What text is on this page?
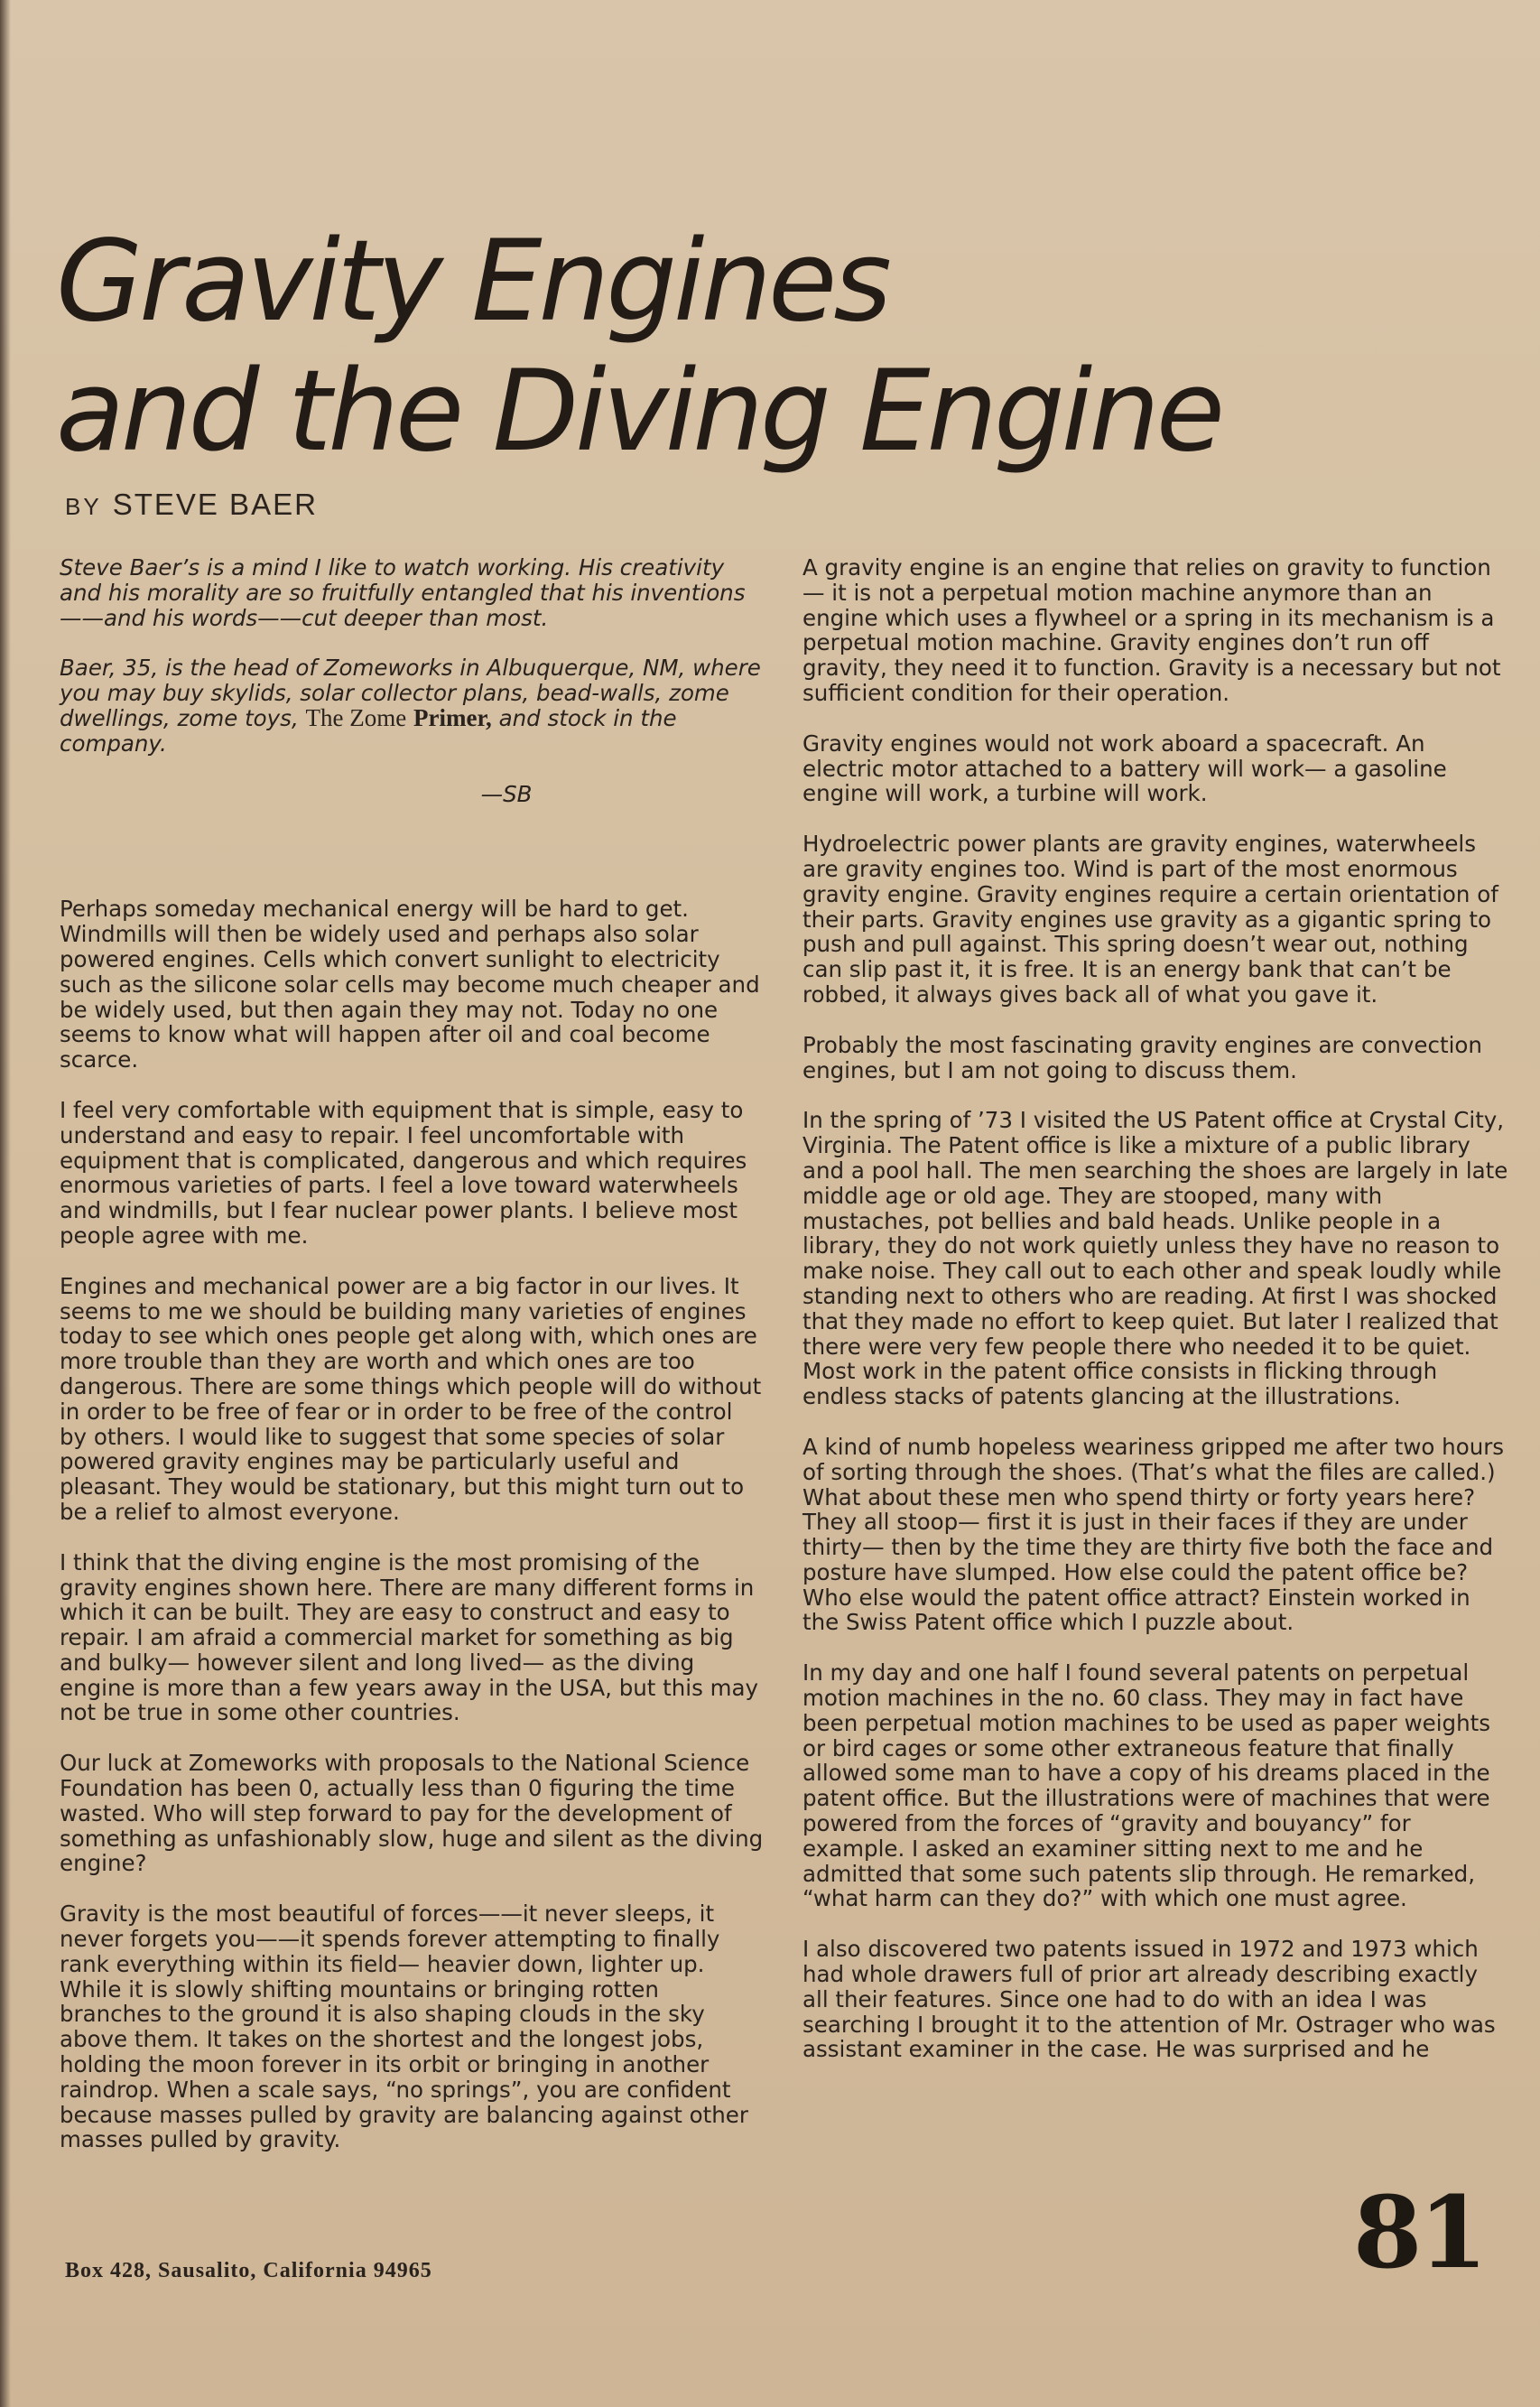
Gravity Engines
and the Diving Engine
BY STEVE BAER

Steve Baer’s is a mind I like to watch working. His creativity and his morality are so fruitfully entangled that his inventions——and his words——cut deeper than most.

Baer, 35, is the head of Zomeworks in Albuquerque, NM, where you may buy skylids, solar collector plans, bead-walls, zome dwellings, zome toys, The Zome Primer, and stock in the company.

—SB

Perhaps someday mechanical energy will be hard to get. Windmills will then be widely used and perhaps also solar powered engines. Cells which convert sunlight to electricity such as the silicone solar cells may become much cheaper and be widely used, but then again they may not. Today no one seems to know what will happen after oil and coal become scarce.

I feel very comfortable with equipment that is simple, easy to understand and easy to repair. I feel uncomfortable with equipment that is complicated, dangerous and which requires enormous varieties of parts. I feel a love toward waterwheels and windmills, but I fear nuclear power plants. I believe most people agree with me.

Engines and mechanical power are a big factor in our lives. It seems to me we should be building many varieties of engines today to see which ones people get along with, which ones are more trouble than they are worth and which ones are too dangerous. There are some things which people will do without in order to be free of fear or in order to be free of the control by others. I would like to suggest that some species of solar powered gravity engines may be particularly useful and pleasant. They would be stationary, but this might turn out to be a relief to almost everyone.

I think that the diving engine is the most promising of the gravity engines shown here. There are many different forms in which it can be built. They are easy to construct and easy to repair. I am afraid a commercial market for something as big and bulky— however silent and long lived— as the diving engine is more than a few years away in the USA, but this may not be true in some other countries.

Our luck at Zomeworks with proposals to the National Science Foundation has been 0, actually less than 0 figuring the time wasted. Who will step forward to pay for the development of something as unfashionably slow, huge and silent as the diving engine?

Gravity is the most beautiful of forces——it never sleeps, it never forgets you——it spends forever attempting to finally rank everything within its field— heavier down, lighter up. While it is slowly shifting mountains or bringing rotten branches to the ground it is also shaping clouds in the sky above them. It takes on the shortest and the longest jobs, holding the moon forever in its orbit or bringing in another raindrop. When a scale says, “no springs”, you are confident because masses pulled by gravity are balancing against other masses pulled by gravity.

A gravity engine is an engine that relies on gravity to function— it is not a perpetual motion machine anymore than an engine which uses a flywheel or a spring in its mechanism is a perpetual motion machine. Gravity engines don’t run off gravity, they need it to function. Gravity is a necessary but not sufficient condition for their operation.

Gravity engines would not work aboard a spacecraft. An electric motor attached to a battery will work— a gasoline engine will work, a turbine will work.

Hydroelectric power plants are gravity engines, waterwheels are gravity engines too. Wind is part of the most enormous gravity engine. Gravity engines require a certain orientation of their parts. Gravity engines use gravity as a gigantic spring to push and pull against. This spring doesn’t wear out, nothing can slip past it, it is free. It is an energy bank that can’t be robbed, it always gives back all of what you gave it.

Probably the most fascinating gravity engines are convection engines, but I am not going to discuss them.

In the spring of ’73 I visited the US Patent office at Crystal City, Virginia. The Patent office is like a mixture of a public library and a pool hall. The men searching the shoes are largely in late middle age or old age. They are stooped, many with mustaches, pot bellies and bald heads. Unlike people in a library, they do not work quietly unless they have no reason to make noise. They call out to each other and speak loudly while standing next to others who are reading. At first I was shocked that they made no effort to keep quiet. But later I realized that there were very few people there who needed it to be quiet. Most work in the patent office consists in flicking through endless stacks of patents glancing at the illustrations.

A kind of numb hopeless weariness gripped me after two hours of sorting through the shoes. (That’s what the files are called.) What about these men who spend thirty or forty years here? They all stoop— first it is just in their faces if they are under thirty— then by the time they are thirty five both the face and posture have slumped. How else could the patent office be? Who else would the patent office attract? Einstein worked in the Swiss Patent office which I puzzle about.

In my day and one half I found several patents on perpetual motion machines in the no. 60 class. They may in fact have been perpetual motion machines to be used as paper weights or bird cages or some other extraneous feature that finally allowed some man to have a copy of his dreams placed in the patent office. But the illustrations were of machines that were powered from the forces of “gravity and bouyancy” for example. I asked an examiner sitting next to me and he admitted that some such patents slip through. He remarked, “what harm can they do?” with which one must agree.

I also discovered two patents issued in 1972 and 1973 which had whole drawers full of prior art already describing exactly all their features. Since one had to do with an idea I was searching I brought it to the attention of Mr. Ostrager who was assistant examiner in the case. He was surprised and he

Box 428, Sausalito, California 94965	81
